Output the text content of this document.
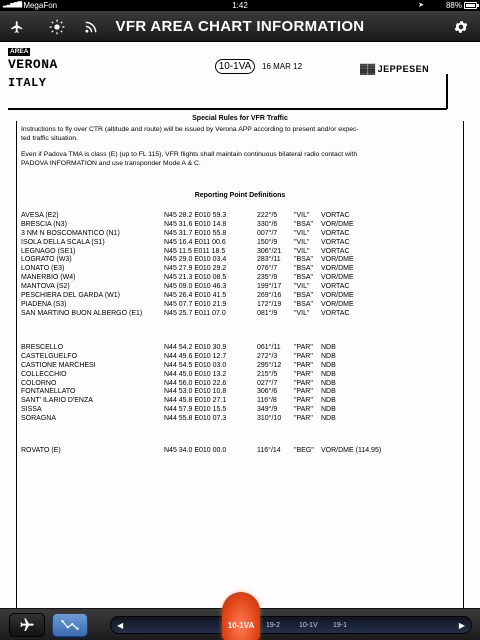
▂▃▅▆▇ MegaFon	1:42	➤	88%
VFR AREA CHART INFORMATION
AREA
VERONA
ITALY
10-1VA	16 MAR 12	▓▓ JEPPESEN
Special Rules for VFR Traffic
Instructions to fly over CTR (altitude and route) will be issued by Verona APP according to present and/or expec-
ted traffic situation.
Even if Padova TMA is class (E) (up to FL 115), VFR flights shall maintain continuous bilateral radio contact with
PADOVA INFORMATION and use transponder Mode A & C.
Reporting Point Definitions
AVESA (E2)	N45 28.2 E010 59.3	222°/5 "VIL" VORTAC
BRESCIA (N3)	N45 31.6 E010 14.8	330°/6 "BSA" VOR/DME
3 NM N BOSCOMANTICO (N1)	N45 31.7 E010 55.8	007°/7 "VIL" VORTAC
ISOLA DELLA SCALA (S1)	N45 16.4 E011 00.6	150°/9 "VIL" VORTAC
LEGNAGO (SE1)	N45 11.5 E011 18.5	306°/21 "VIL" VORTAC
LOGRATO (W3)	N45 29.0 E010 03.4	283°/11 "BSA" VOR/DME
LONATO (E3)	N45 27.9 E010 29.2	076°/7 "BSA" VOR/DME
MANERBIO (W4)	N45 21.3 E010 08.5	235°/9 "BSA" VOR/DME
MANTOVA (S2)	N45 09.0 E010 46.3	199°/17 "VIL" VORTAC
PESCHIERA DEL GARDA (W1)	N45 26.4 E010 41.5	269°/16 "BSA" VOR/DME
PIADENA (S3)	N45 07.7 E010 21.9	172°/19 "BSA" VOR/DME
SAN MARTINO BUON ALBERGO (E1)	N45 25.7 E011 07.0	081°/9 "VIL" VORTAC
BRESCELLO	N44 54.2 E010 30.9	061°/11 "PAR" NDB
CASTELGUELFO	N44 49.6 E010 12.7	272°/3 "PAR" NDB
CASTIONE MARCHESI	N44 54.5 E010 03.0	295°/12 "PAR" NDB
COLLECCHIO	N44 45.0 E010 13.2	215°/5 "PAR" NDB
COLORNO	N44 56.0 E010 22.6	027°/7 "PAR" NDB
FONTANELLATO	N44 53.0 E010 10.8	306°/6 "PAR" NDB
SANT' ILARIO D'ENZA	N44 45.8 E010 27.1	116°/8 "PAR" NDB
SISSA	N44 57.9 E010 15.5	349°/9 "PAR" NDB
SORAGNA	N44 55.8 E010 07.3	310°/10 "PAR" NDB
ROVATO (E)	N45 34.0 E010 00.0	116°/14 "BEG" VOR/DME (114.95)
◀	19-2	10-1V 19-1	▶
10-1VA
